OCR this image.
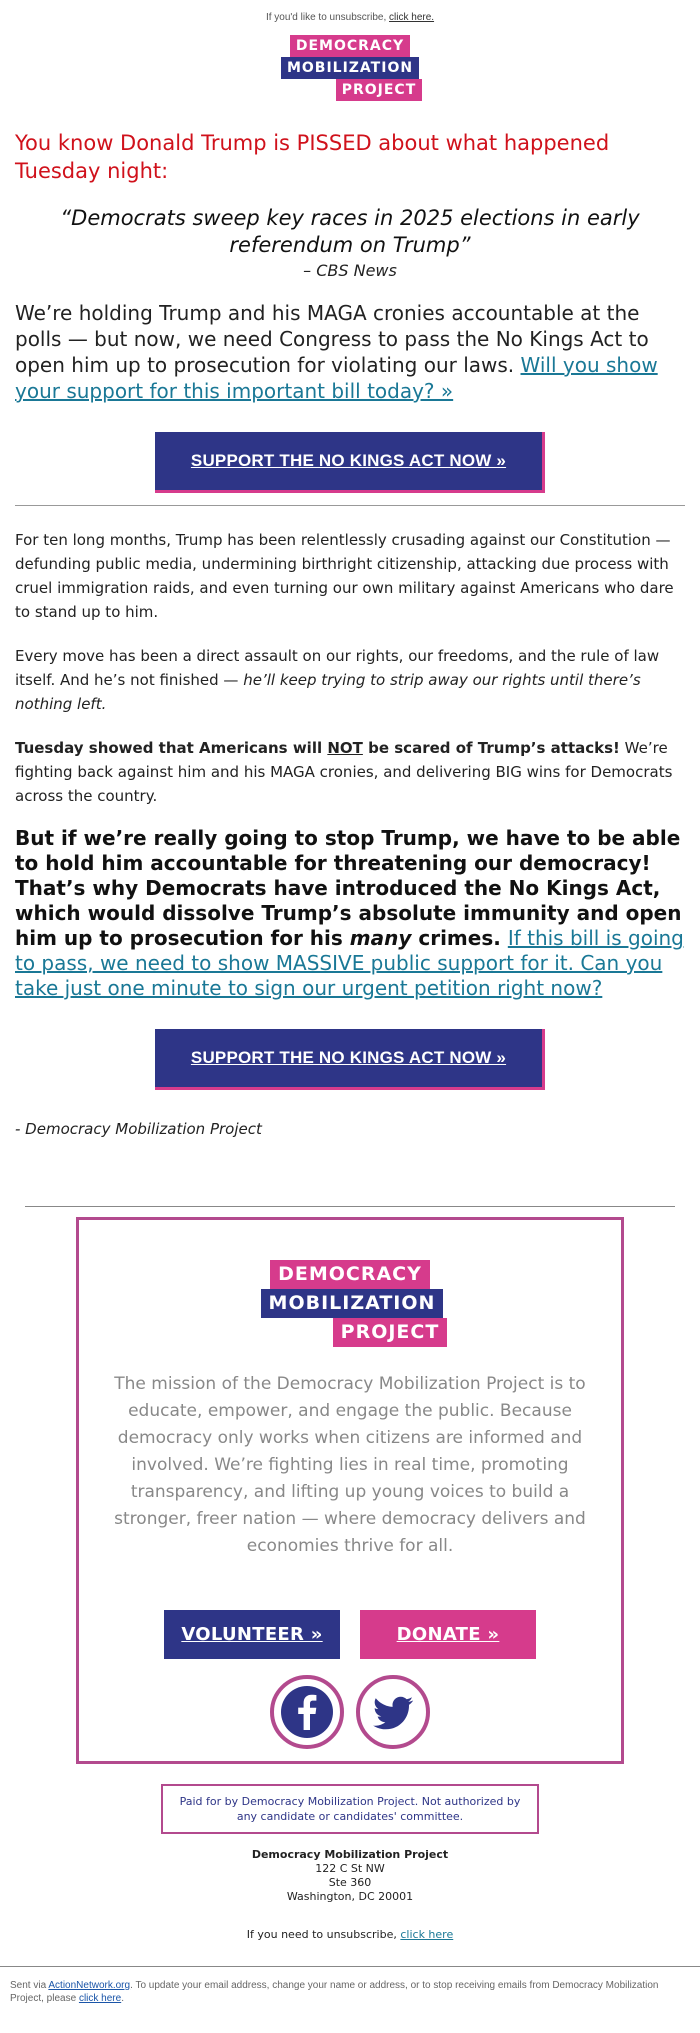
If you'd like to unsubscribe, click here.
DEMOCRACY
MOBILIZATION
PROJECT
You know Donald Trump is PISSED about what happened Tuesday night:

“Democrats sweep key races in 2025 elections in early referendum on Trump”

– CBS News

We’re holding Trump and his MAGA cronies accountable at the polls — but now, we need Congress to pass the No Kings Act to open him up to prosecution for violating our laws. Will you show your support for this important bill today? »

SUPPORT THE NO KINGS ACT NOW »

For ten long months, Trump has been relentlessly crusading against our Constitution — defunding public media, undermining birthright citizenship, attacking due process with cruel immigration raids, and even turning our own military against Americans who dare to stand up to him.

Every move has been a direct assault on our rights, our freedoms, and the rule of law itself. And he’s not finished — he’ll keep trying to strip away our rights until there’s nothing left.

Tuesday showed that Americans will NOT be scared of Trump’s attacks! We’re fighting back against him and his MAGA cronies, and delivering BIG wins for Democrats across the country.

But if we’re really going to stop Trump, we have to be able to hold him accountable for threatening our democracy! That’s why Democrats have introduced the No Kings Act, which would dissolve Trump’s absolute immunity and open him up to prosecution for his many crimes. If this bill is going to pass, we need to show MASSIVE public support for it. Can you take just one minute to sign our urgent petition right now?

SUPPORT THE NO KINGS ACT NOW »

- Democracy Mobilization Project

DEMOCRACY
MOBILIZATION
PROJECT

The mission of the Democracy Mobilization Project is to educate, empower, and engage the public. Because democracy only works when citizens are informed and involved. We’re fighting lies in real time, promoting transparency, and lifting up young voices to build a stronger, freer nation — where democracy delivers and economies thrive for all.

VOLUNTEER »	DONATE »
Paid for by Democracy Mobilization Project. Not authorized by any candidate or candidates' committee.
Democracy Mobilization Project
122 C St NW
Ste 360
Washington, DC 20001
If you need to unsubscribe, click here
Sent via ActionNetwork.org. To update your email address, change your name or address, or to stop receiving emails from Democracy Mobilization Project, please click here.
